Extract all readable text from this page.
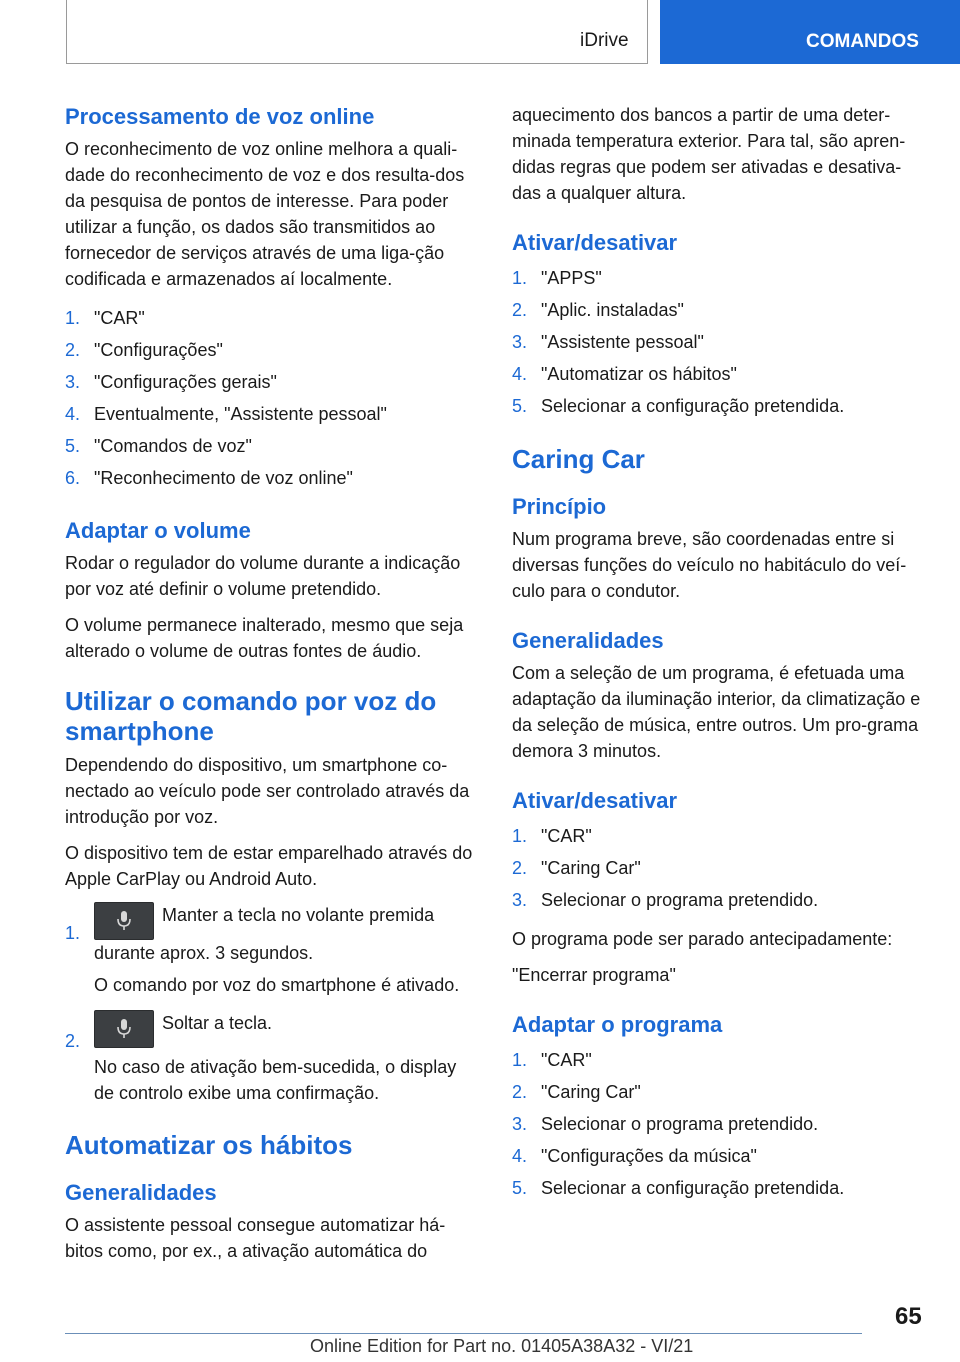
iDrive	COMANDOS
Processamento de voz online

O reconhecimento de voz online melhora a quali-dade do reconhecimento de voz e dos resulta-dos da pesquisa de pontos de interesse. Para poder utilizar a função, os dados são transmitidos ao fornecedor de serviços através de uma liga-ção codificada e armazenados aí localmente.

1. "CAR"
2. "Configurações"
3. "Configurações gerais"
4. Eventualmente, "Assistente pessoal"
5. "Comandos de voz"
6. "Reconhecimento de voz online"
Adaptar o volume

Rodar o regulador do volume durante a indicação por voz até definir o volume pretendido.

O volume permanece inalterado, mesmo que seja alterado o volume de outras fontes de áudio.

Utilizar o comando por voz do smartphone

Dependendo do dispositivo, um smartphone co-nectado ao veículo pode ser controlado através da introdução por voz.

O dispositivo tem de estar emparelhado através do Apple CarPlay ou Android Auto.

1.
Manter a tecla no volante premida durante aprox. 3 segundos.
O comando por voz do smartphone é ativado.
2.
Soltar a tecla.
No caso de ativação bem-sucedida, o display de controlo exibe uma confirmação.
Automatizar os hábitos
Generalidades

O assistente pessoal consegue automatizar há-bitos como, por ex., a ativação automática do

aquecimento dos bancos a partir de uma deter-minada temperatura exterior. Para tal, são apren-didas regras que podem ser ativadas e desativa-das a qualquer altura.

Ativar/desativar
1. "APPS"
2. "Aplic. instaladas"
3. "Assistente pessoal"
4. "Automatizar os hábitos"
5. Selecionar a configuração pretendida.
Caring Car
Princípio

Num programa breve, são coordenadas entre si diversas funções do veículo no habitáculo do veí-culo para o condutor.

Generalidades

Com a seleção de um programa, é efetuada uma adaptação da iluminação interior, da climatização e da seleção de música, entre outros. Um pro-grama demora 3 minutos.

Ativar/desativar
1. "CAR"
2. "Caring Car"
3. Selecionar o programa pretendido.

O programa pode ser parado antecipadamente:

"Encerrar programa"

Adaptar o programa
1. "CAR"
2. "Caring Car"
3. Selecionar o programa pretendido.
4. "Configurações da música"
5. Selecionar a configuração pretendida.
65
Online Edition for Part no. 01405A38A32 - VI/21
